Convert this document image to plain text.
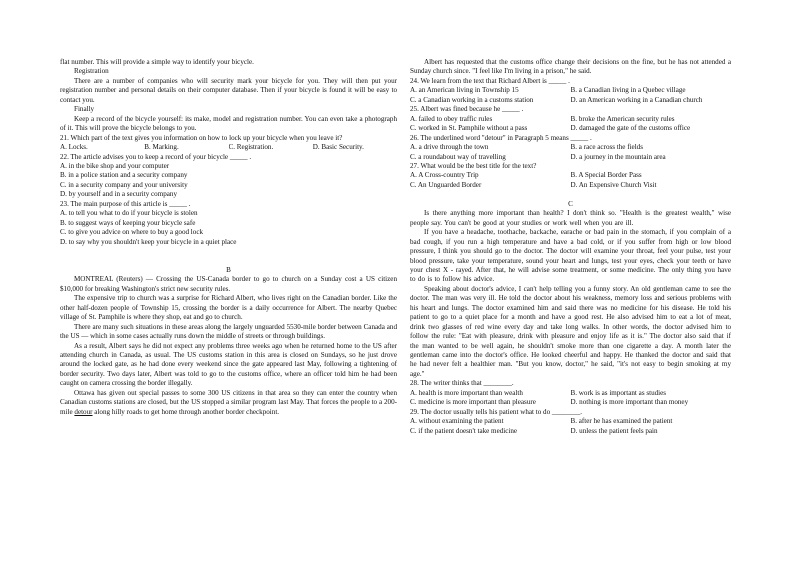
flat number. This will provide a simple way to identify your bicycle.

Registration

There are a number of companies who will security mark your bicycle for you. They will then put your registration number and personal details on their computer database. Then if your bicycle is found it will be easy to contact you.

Finally

Keep a record of the bicycle yourself: its make, model and registration number. You can even take a photograph of it. This will prove the bicycle belongs to you.

21. Which part of the text gives you information on how to lock up your bicycle when you leave it?

A. Locks.	B. Marking.	C. Registration.	D. Basic Security.

22. The article advises you to keep a record of your bicycle _____ .

A. in the bike shop and your computer

B. in a police station and a security company

C. in a security company and your university

D. by yourself and in a security company

23. The main purpose of this article is _____ .

A. to tell you what to do if your bicycle is stolen

B. to suggest ways of keeping your bicycle safe

C. to give you advice on where to buy a good lock

D. to say why you shouldn't keep your bicycle in a quiet place

B

MONTREAL (Reuters) — Crossing the US-Canada border to go to church on a Sunday cost a US citizen $10,000 for breaking Washington's strict new security rules.

The expensive trip to church was a surprise for Richard Albert, who lives right on the Canadian border. Like the other half-dozen people of Township 15, crossing the border is a daily occurrence for Albert. The nearby Quebec village of St. Pamphile is where they shop, eat and go to church.

There are many such situations in these areas along the largely unguarded 5530-mile border between Canada and the US — which in some cases actually runs down the middle of streets or through buildings.

As a result, Albert says he did not expect any problems three weeks ago when he returned home to the US after attending church in Canada, as usual. The US customs station in this area is closed on Sundays, so he just drove around the locked gate, as he had done every weekend since the gate appeared last May, following a tightening of border security. Two days later, Albert was told to go to the customs office, where an officer told him he had been caught on camera crossing the border illegally.

Ottawa has given out special passes to some 300 US citizens in that area so they can enter the country when Canadian customs stations are closed, but the US stopped a similar program last May. That forces the people to a 200-mile detour along hilly roads to get home through another border checkpoint.

Albert has requested that the customs office change their decisions on the fine, but he has not attended a Sunday church since. "I feel like I'm living in a prison," he said.

24. We learn from the text that Richard Albert is _____ .

A. an American living in Township 15	B. a Canadian living in a Quebec village
C. a Canadian working in a customs station	D. an American working in a Canadian church

25. Albert was fined because he _____ .

A. failed to obey traffic rules	B. broke the American security rules
C. worked in St. Pamphile without a pass	D. damaged the gate of the customs office

26. The underlined word "detour" in Paragraph 5 means _____ .

A. a drive through the town	B. a race across the fields
C. a roundabout way of travelling	D. a journey in the mountain area

27. What would be the best title for the text?

A. A Cross-country Trip	B. A Special Border Pass
C. An Unguarded Border	D. An Expensive Church Visit

C

Is there anything more important than health? I don't think so. "Health is the greatest wealth," wise people say. You can't be good at your studies or work well when you are ill.

If you have a headache, toothache, backache, earache or bad pain in the stomach, if you complain of a bad cough, if you run a high temperature and have a bad cold, or if you suffer from high or low blood pressure, I think you should go to the doctor. The doctor will examine your throat, feel your pulse, test your blood pressure, take your temperature, sound your heart and lungs, test your eyes, check your teeth or have your chest X - rayed. After that, he will advise some treatment, or some medicine. The only thing you have to do is to follow his advice.

Speaking about doctor's advice, I can't help telling you a funny story. An old gentleman came to see the doctor. The man was very ill. He told the doctor about his weakness, memory loss and serious problems with his heart and lungs. The doctor examined him and said there was no medicine for his disease. He told his patient to go to a quiet place for a month and have a good rest. He also advised him to eat a lot of meat, drink two glasses of red wine every day and take long walks. In other words, the doctor advised him to follow the rule: "Eat with pleasure, drink with pleasure and enjoy life as it is." The doctor also said that if the man wanted to be well again, he shouldn't smoke more than one cigarette a day. A month later the gentleman came into the doctor's office. He looked cheerful and happy. He thanked the doctor and said that he had never felt a healthier man. "But you know, doctor," he said, "it's not easy to begin smoking at my age."

28. The writer thinks that ________.

A. health is more important than wealth	B. work is as important as studies
C. medicine is more important than pleasure	D. nothing is more important than money

29. The doctor usually tells his patient what to do ________.

A. without examining the patient	B. after he has examined the patient
C. if the patient doesn't take medicine	D. unless the patient feels pain
